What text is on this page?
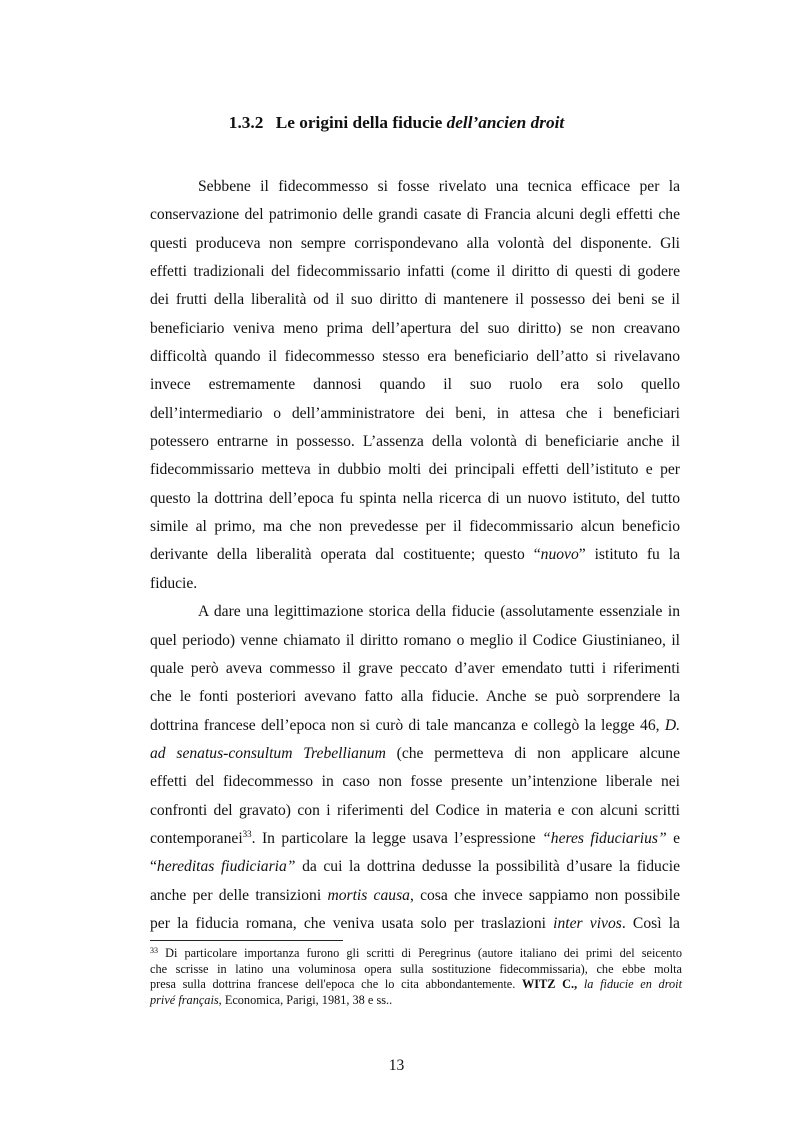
1.3.2 Le origini della fiducie dell’ancien droit
Sebbene il fidecommesso si fosse rivelato una tecnica efficace per la
conservazione del patrimonio delle grandi casate di Francia alcuni degli effetti che
questi produceva non sempre corrispondevano alla volontà del disponente. Gli
effetti tradizionali del fidecommissario infatti (come il diritto di questi di godere
dei frutti della liberalità od il suo diritto di mantenere il possesso dei beni se il
beneficiario veniva meno prima dell’apertura del suo diritto) se non creavano
difficoltà quando il fidecommesso stesso era beneficiario dell’atto si rivelavano
invece estremamente dannosi quando il suo ruolo era solo quello
dell’intermediario o dell’amministratore dei beni, in attesa che i beneficiari
potessero entrarne in possesso. L’assenza della volontà di beneficiarie anche il
fidecommissario metteva in dubbio molti dei principali effetti dell’istituto e per
questo la dottrina dell’epoca fu spinta nella ricerca di un nuovo istituto, del tutto
simile al primo, ma che non prevedesse per il fidecommissario alcun beneficio
derivante della liberalità operata dal costituente; questo “nuovo” istituto fu la
fiducie.
A dare una legittimazione storica della fiducie (assolutamente essenziale in
quel periodo) venne chiamato il diritto romano o meglio il Codice Giustinianeo, il
quale però aveva commesso il grave peccato d’aver emendato tutti i riferimenti
che le fonti posteriori avevano fatto alla fiducie. Anche se può sorprendere la
dottrina francese dell’epoca non si curò di tale mancanza e collegò la legge 46, D.
ad senatus-consultum Trebellianum (che permetteva di non applicare alcune
effetti del fidecommesso in caso non fosse presente un’intenzione liberale nei
confronti del gravato) con i riferimenti del Codice in materia e con alcuni scritti
contemporanei$^{33}$. In particolare la legge usava l’espressione “heres fiduciarius” e
“hereditas fiudiciaria” da cui la dottrina dedusse la possibilità d’usare la fiducie
anche per delle transizioni mortis causa, cosa che invece sappiamo non possibile
per la fiducia romana, che veniva usata solo per traslazioni inter vivos. Così la
$^{33}$ Di particolare importanza furono gli scritti di Peregrinus (autore italiano dei primi del seicento
che scrisse in latino una voluminosa opera sulla sostituzione fidecommissaria), che ebbe molta
presa sulla dottrina francese dell'epoca che lo cita abbondantemente. WITZ C., la fiducie en droit
privé français, Economica, Parigi, 1981, 38 e ss..
13
